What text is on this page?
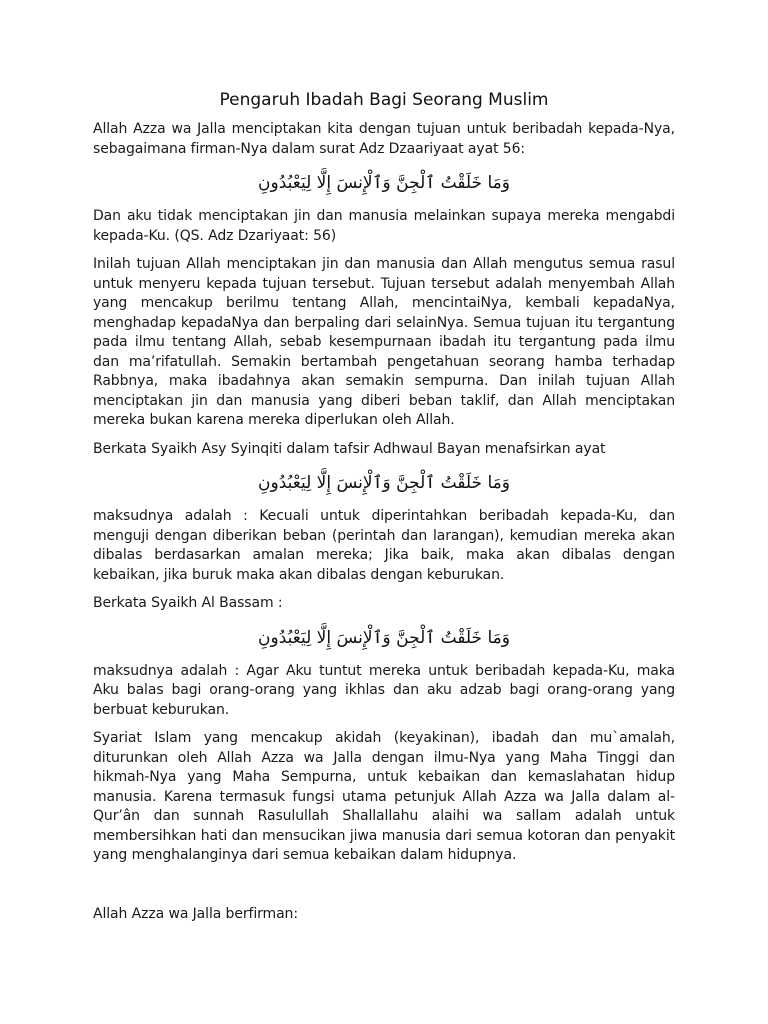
Pengaruh Ibadah Bagi Seorang Muslim

Allah Azza wa Jalla menciptakan kita dengan tujuan untuk beribadah kepada-Nya, sebagaimana firman-Nya dalam surat Adz Dzaariyaat ayat 56:

وَمَا خَلَقْتُ ٱلْجِنَّ وَٱلْإِنسَ إِلَّا لِيَعْبُدُونِ

Dan aku tidak menciptakan jin dan manusia melainkan supaya mereka mengabdi kepada-Ku. (QS. Adz Dzariyaat: 56)

Inilah tujuan Allah menciptakan jin dan manusia dan Allah mengutus semua rasul untuk menyeru kepada tujuan tersebut. Tujuan tersebut adalah menyembah Allah yang mencakup berilmu tentang Allah, mencintaiNya, kembali kepadaNya, menghadap kepadaNya dan berpaling dari selainNya. Semua tujuan itu tergantung pada ilmu tentang Allah, sebab kesempurnaan ibadah itu tergantung pada ilmu dan ma’rifatullah. Semakin bertambah pengetahuan seorang hamba terhadap Rabbnya, maka ibadahnya akan semakin sempurna. Dan inilah tujuan Allah menciptakan jin dan manusia yang diberi beban taklif, dan Allah menciptakan mereka bukan karena mereka diperlukan oleh Allah.

Berkata Syaikh Asy Syinqiti dalam tafsir Adhwaul Bayan menafsirkan ayat

وَمَا خَلَقْتُ ٱلْجِنَّ وَٱلْإِنسَ إِلَّا لِيَعْبُدُونِ

maksudnya adalah : Kecuali untuk diperintahkan beribadah kepada-Ku, dan menguji dengan diberikan beban (perintah dan larangan), kemudian mereka akan dibalas berdasarkan amalan mereka; Jika baik, maka akan dibalas dengan kebaikan, jika buruk maka akan dibalas dengan keburukan.

Berkata Syaikh Al Bassam :

وَمَا خَلَقْتُ ٱلْجِنَّ وَٱلْإِنسَ إِلَّا لِيَعْبُدُونِ

maksudnya adalah : Agar Aku tuntut mereka untuk beribadah kepada-Ku, maka Aku balas bagi orang-orang yang ikhlas dan aku adzab bagi orang-orang yang berbuat keburukan.

Syariat Islam yang mencakup akidah (keyakinan), ibadah dan mu`amalah, diturunkan oleh Allah Azza wa Jalla dengan ilmu-Nya yang Maha Tinggi dan hikmah-Nya yang Maha Sempurna, untuk kebaikan dan kemaslahatan hidup manusia. Karena termasuk fungsi utama petunjuk Allah Azza wa Jalla dalam al-Qur’ân dan sunnah Rasulullah Shallallahu alaihi wa sallam adalah untuk membersihkan hati dan mensucikan jiwa manusia dari semua kotoran dan penyakit yang menghalanginya dari semua kebaikan dalam hidupnya.

Allah Azza wa Jalla berfirman:
